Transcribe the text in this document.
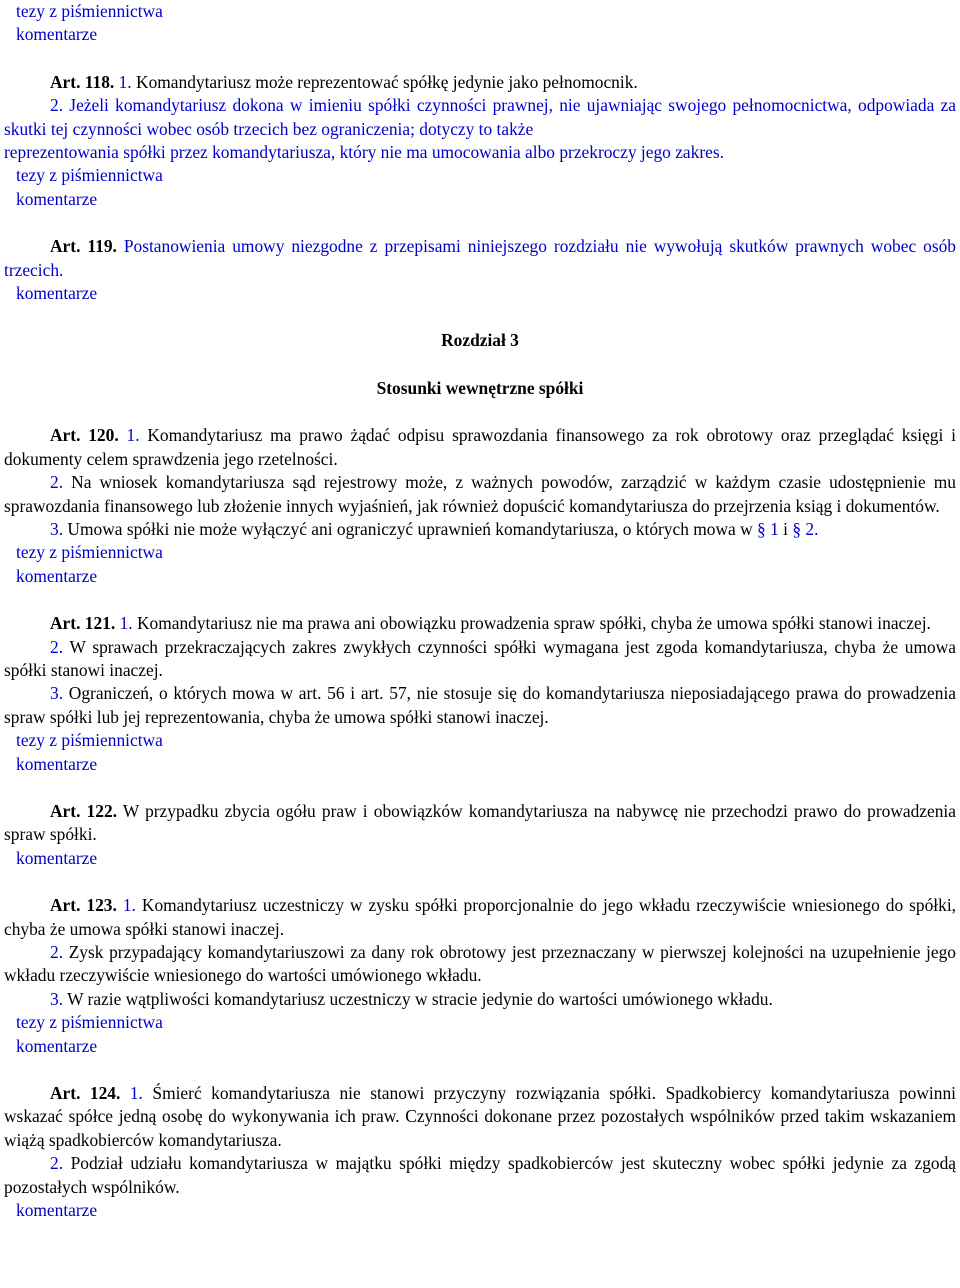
tezy z piśmiennictwa
komentarze

Art. 118. 1. Komandytariusz może reprezentować spółkę jedynie jako pełnomocnik.

2. Jeżeli komandytariusz dokona w imieniu spółki czynności prawnej, nie ujawniając swojego pełnomocnictwa, odpowiada za skutki tej czynności wobec osób trzecich bez ograniczenia; dotyczy to także

reprezentowania spółki przez komandytariusza, który nie ma umocowania albo przekroczy jego zakres.

tezy z piśmiennictwa
komentarze

Art. 119. Postanowienia umowy niezgodne z przepisami niniejszego rozdziału nie wywołują skutków prawnych wobec osób trzecich.

komentarze

Rozdział 3

Stosunki wewnętrzne spółki

Art. 120. 1. Komandytariusz ma prawo żądać odpisu sprawozdania finansowego za rok obrotowy oraz przeglądać księgi i dokumenty celem sprawdzenia jego rzetelności.

2. Na wniosek komandytariusza sąd rejestrowy może, z ważnych powodów, zarządzić w każdym czasie udostępnienie mu sprawozdania finansowego lub złożenie innych wyjaśnień, jak również dopuścić komandytariusza do przejrzenia ksiąg i dokumentów.

3. Umowa spółki nie może wyłączyć ani ograniczyć uprawnień komandytariusza, o których mowa w § 1 i § 2.

tezy z piśmiennictwa
komentarze

Art. 121. 1. Komandytariusz nie ma prawa ani obowiązku prowadzenia spraw spółki, chyba że umowa spółki stanowi inaczej.

2. W sprawach przekraczających zakres zwykłych czynności spółki wymagana jest zgoda komandytariusza, chyba że umowa spółki stanowi inaczej.

3. Ograniczeń, o których mowa w art. 56 i art. 57, nie stosuje się do komandytariusza nieposiadającego prawa do prowadzenia spraw spółki lub jej reprezentowania, chyba że umowa spółki stanowi inaczej.

tezy z piśmiennictwa
komentarze

Art. 122. W przypadku zbycia ogółu praw i obowiązków komandytariusza na nabywcę nie przechodzi prawo do prowadzenia spraw spółki.

komentarze

Art. 123. 1. Komandytariusz uczestniczy w zysku spółki proporcjonalnie do jego wkładu rzeczywiście wniesionego do spółki, chyba że umowa spółki stanowi inaczej.

2. Zysk przypadający komandytariuszowi za dany rok obrotowy jest przeznaczany w pierwszej kolejności na uzupełnienie jego wkładu rzeczywiście wniesionego do wartości umówionego wkładu.

3. W razie wątpliwości komandytariusz uczestniczy w stracie jedynie do wartości umówionego wkładu.

tezy z piśmiennictwa
komentarze

Art. 124. 1. Śmierć komandytariusza nie stanowi przyczyny rozwiązania spółki. Spadkobiercy komandytariusza powinni wskazać spółce jedną osobę do wykonywania ich praw. Czynności dokonane przez pozostałych wspólników przed takim wskazaniem wiążą spadkobierców komandytariusza.

2. Podział udziału komandytariusza w majątku spółki między spadkobierców jest skuteczny wobec spółki jedynie za zgodą pozostałych wspólników.

komentarze
